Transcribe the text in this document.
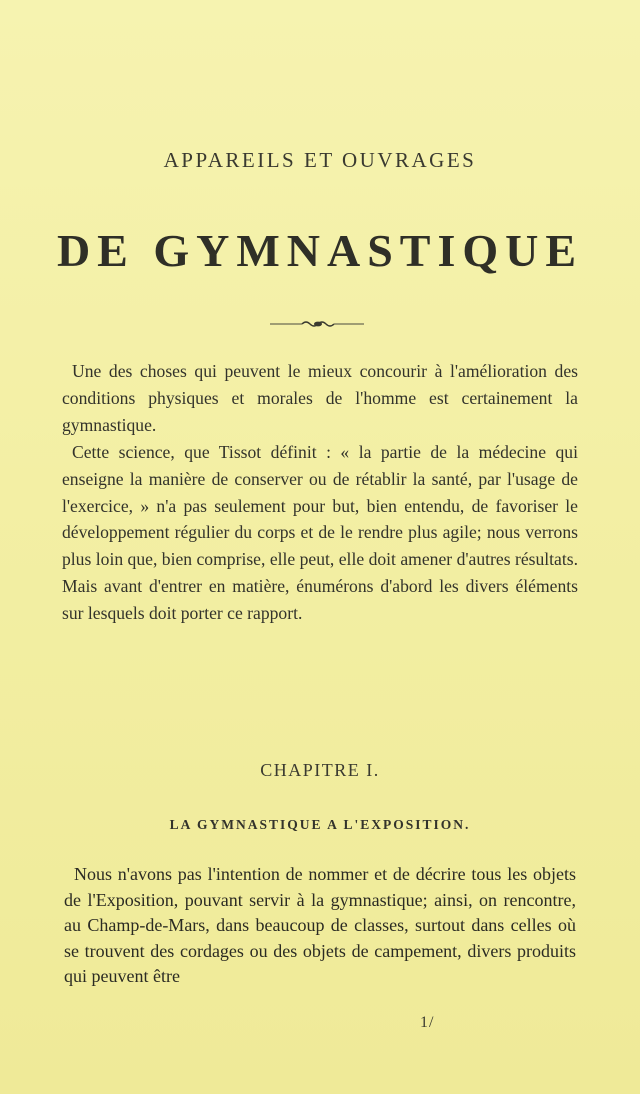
APPAREILS ET OUVRAGES
DE GYMNASTIQUE

Une des choses qui peuvent le mieux concourir à l'amélioration des conditions physiques et morales de l'homme est certainement la gymnastique.

Cette science, que Tissot définit : « la partie de la médecine qui enseigne la manière de conserver ou de rétablir la santé, par l'usage de l'exercice, » n'a pas seulement pour but, bien entendu, de favoriser le développement régulier du corps et de le rendre plus agile; nous verrons plus loin que, bien comprise, elle peut, elle doit amener d'autres résultats. Mais avant d'entrer en matière, énumérons d'abord les divers éléments sur lesquels doit porter ce rapport.

CHAPITRE I.
LA GYMNASTIQUE A L'EXPOSITION.

Nous n'avons pas l'intention de nommer et de décrire tous les objets de l'Exposition, pouvant servir à la gymnastique; ainsi, on rencontre, au Champ-de-Mars, dans beaucoup de classes, surtout dans celles où se trouvent des cordages ou des objets de campement, divers produits qui peuvent être

1/
